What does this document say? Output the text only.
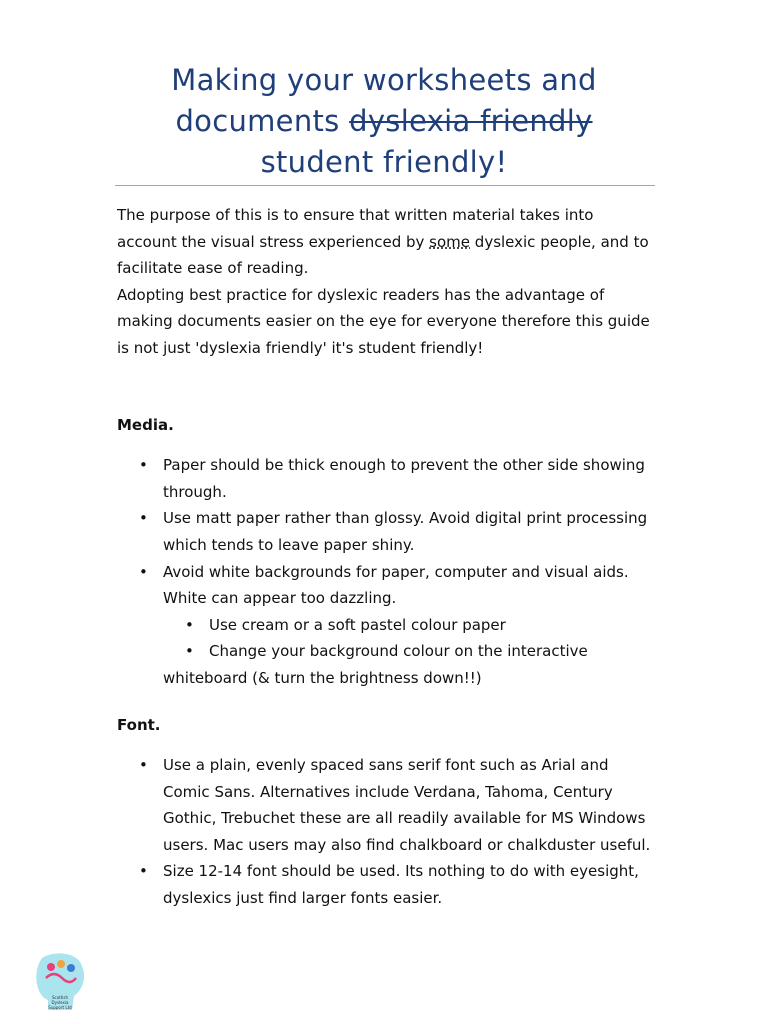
Making your worksheets and
documents dyslexia friendly
student friendly!

The purpose of this is to ensure that written material takes into account the visual stress experienced by some dyslexic people, and to facilitate ease of reading.

Adopting best practice for dyslexic readers has the advantage of making documents easier on the eye for everyone therefore this guide is not just 'dyslexia friendly' it's student friendly!

Media.

• Paper should be thick enough to prevent the other side showing through.
• Use matt paper rather than glossy. Avoid digital print processing which tends to leave paper shiny.
• Avoid white backgrounds for paper, computer and visual aids. White can appear too dazzling.
• Use cream or a soft pastel colour paper
• Change your background colour on the interactive
whiteboard (& turn the brightness down!!)

Font.

• Use a plain, evenly spaced sans serif font such as Arial and Comic Sans. Alternatives include Verdana, Tahoma, Century Gothic, Trebuchet these are all readily available for MS Windows users. Mac users may also find chalkboard or chalkduster useful.
• Size 12-14 font should be used. Its nothing to do with eyesight, dyslexics just find larger fonts easier.
Scottish
Dyslexia
Support Ltd
